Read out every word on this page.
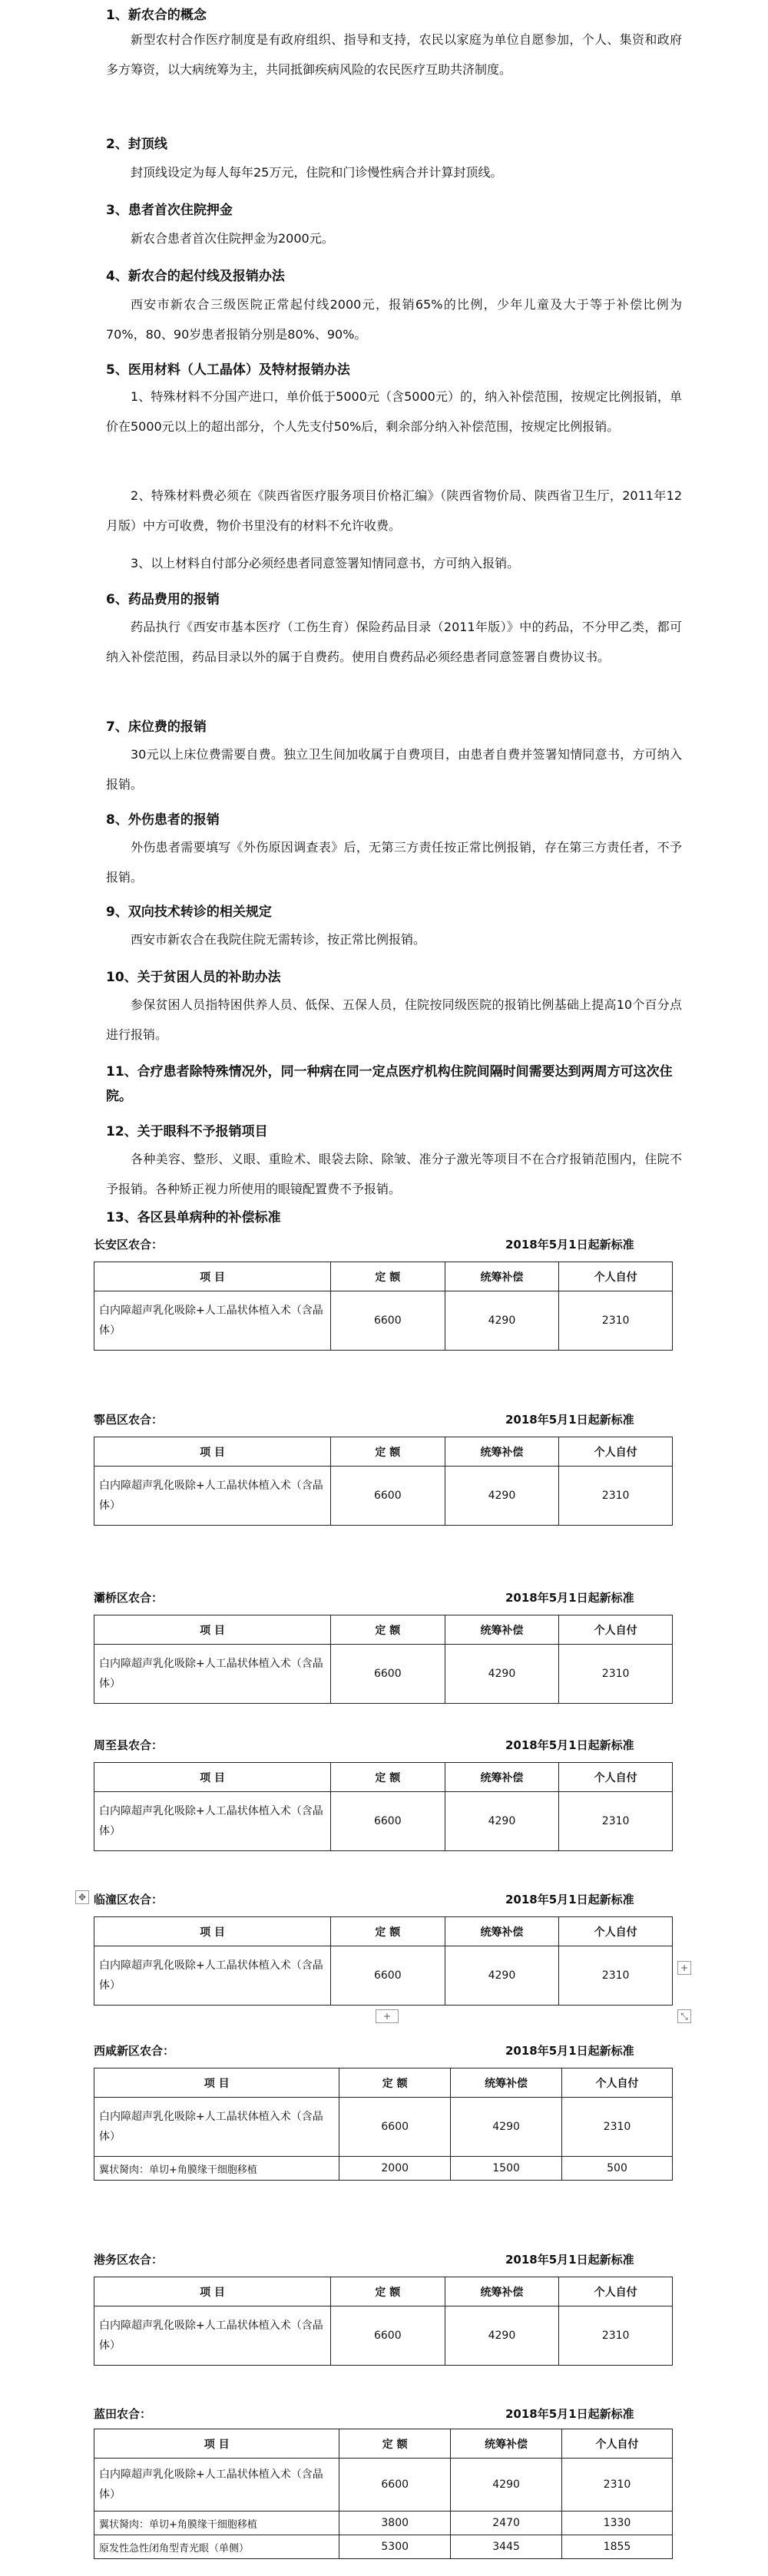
1、新农合的概念
新型农村合作医疗制度是有政府组织、指导和支持，农民以家庭为单位自愿参加，个人、集资和政府多方筹资，以大病统筹为主，共同抵御疾病风险的农民医疗互助共济制度。
2、封顶线
封顶线设定为每人每年25万元，住院和门诊慢性病合并计算封顶线。
3、患者首次住院押金
新农合患者首次住院押金为2000元。
4、新农合的起付线及报销办法
西安市新农合三级医院正常起付线2000元，报销65%的比例，少年儿童及大于等于补偿比例为70%，80、90岁患者报销分别是80%、90%。
5、医用材料（人工晶体）及特材报销办法
1、特殊材料不分国产进口，单价低于5000元（含5000元）的，纳入补偿范围，按规定比例报销，单价在5000元以上的超出部分，个人先支付50%后，剩余部分纳入补偿范围，按规定比例报销。
2、特殊材料费必须在《陕西省医疗服务项目价格汇编》（陕西省物价局、陕西省卫生厅，2011年12月版）中方可收费，物价书里没有的材料不允许收费。
3、以上材料自付部分必须经患者同意签署知情同意书，方可纳入报销。
6、药品费用的报销
药品执行《西安市基本医疗（工伤生育）保险药品目录（2011年版）》中的药品，不分甲乙类，都可纳入补偿范围，药品目录以外的属于自费药。使用自费药品必须经患者同意签署自费协议书。
7、床位费的报销
30元以上床位费需要自费。独立卫生间加收属于自费项目，由患者自费并签署知情同意书，方可纳入报销。
8、外伤患者的报销
外伤患者需要填写《外伤原因调查表》后，无第三方责任按正常比例报销，存在第三方责任者，不予报销。
9、双向技术转诊的相关规定
西安市新农合在我院住院无需转诊，按正常比例报销。
10、关于贫困人员的补助办法
参保贫困人员指特困供养人员、低保、五保人员，住院按同级医院的报销比例基础上提高10个百分点进行报销。
11、合疗患者除特殊情况外，同一种病在同一定点医疗机构住院间隔时间需要达到两周方可这次住院。
12、关于眼科不予报销项目
各种美容、整形、义眼、重睑术、眼袋去除、除皱、准分子激光等项目不在合疗报销范围内，住院不予报销。各种矫正视力所使用的眼镜配置费不予报销。
13、各区县单病种的补偿标准
长安区农合：	2018年5月1日起新标准
项 目	定 额	统筹补偿	个人自付
白内障超声乳化吸除+人工晶状体植入术（含晶体）	6600	4290	2310
鄠邑区农合：	2018年5月1日起新标准
项 目	定 额	统筹补偿	个人自付
白内障超声乳化吸除+人工晶状体植入术（含晶体）	6600	4290	2310
灞桥区农合：	2018年5月1日起新标准
项 目	定 额	统筹补偿	个人自付
白内障超声乳化吸除+人工晶状体植入术（含晶体）	6600	4290	2310
周至县农合：	2018年5月1日起新标准
项 目	定 额	统筹补偿	个人自付
白内障超声乳化吸除+人工晶状体植入术（含晶体）	6600	4290	2310
✥ 临潼区农合：	2018年5月1日起新标准
项 目	定 额	统筹补偿	个人自付
白内障超声乳化吸除+人工晶状体植入术（含晶体）	6600	4290	2310
+
+	⤡
西咸新区农合：	2018年5月1日起新标准
项 目	定 额	统筹补偿	个人自付
白内障超声乳化吸除+人工晶状体植入术（含晶体）	6600	4290	2310
翼状胬肉：单切+角膜缘干细胞移植	2000	1500	500
港务区农合：	2018年5月1日起新标准
项 目	定 额	统筹补偿	个人自付
白内障超声乳化吸除+人工晶状体植入术（含晶体）	6600	4290	2310
蓝田农合：	2018年5月1日起新标准
项 目	定 额	统筹补偿	个人自付
白内障超声乳化吸除+人工晶状体植入术（含晶体）	6600	4290	2310
翼状胬肉：单切+角膜缘干细胞移植	3800	2470	1330
原发性急性闭角型青光眼（单侧）	5300	3445	1855
